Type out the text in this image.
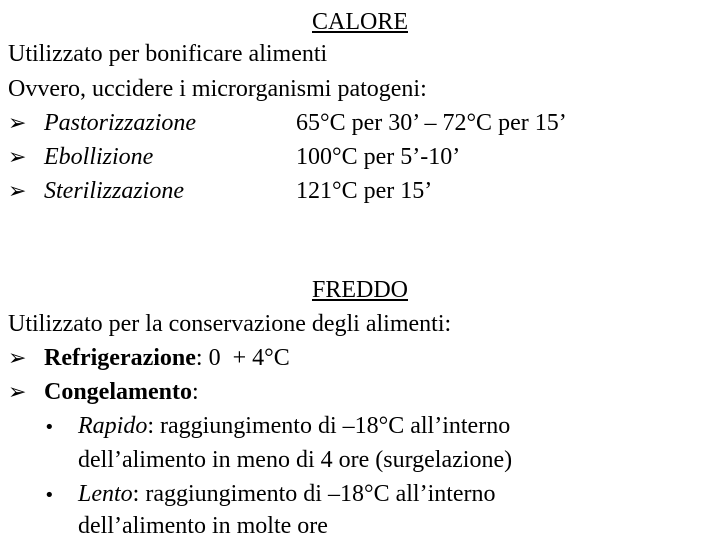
CALORE
Utilizzato per bonificare alimenti
Ovvero, uccidere i microrganismi patogeni:
➢ Pastorizzazione	65°C per 30’ – 72°C per 15’
➢ Ebollizione	100°C per 5’-10’
➢ Sterilizzazione	121°C per 15’
FREDDO
Utilizzato per la conservazione degli alimenti:
➢ Refrigerazione: 0  + 4°C
➢ Congelamento:
• Rapido: raggiungimento di –18°C all’interno
dell’alimento in meno di 4 ore (surgelazione)
• Lento: raggiungimento di –18°C all’interno
dell’alimento in molte ore
